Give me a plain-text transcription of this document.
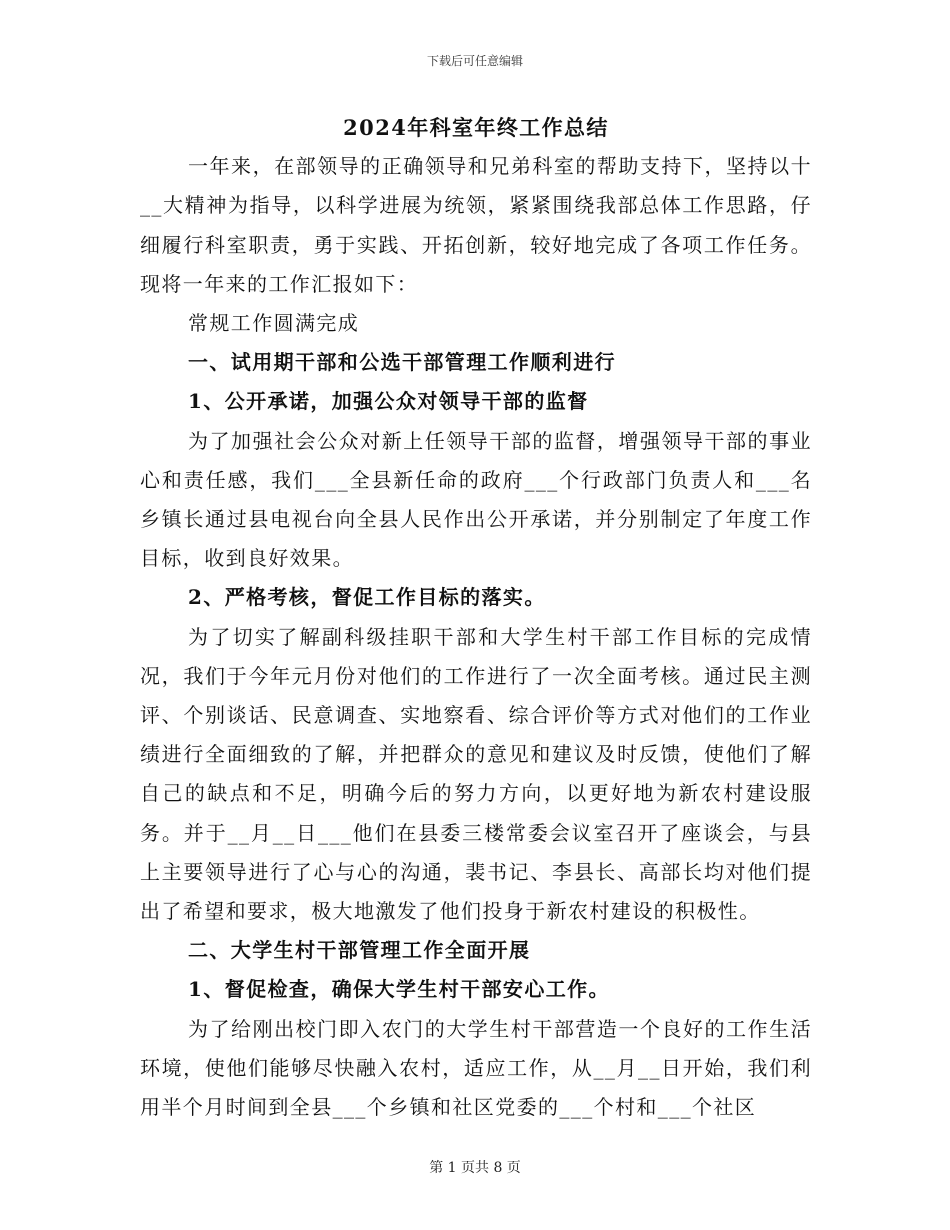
下载后可任意编辑
2024年科室年终工作总结

一年来，在部领导的正确领导和兄弟科室的帮助支持下，坚持以十__大精神为指导，以科学进展为统领，紧紧围绕我部总体工作思路，仔细履行科室职责，勇于实践、开拓创新，较好地完成了各项工作任务。现将一年来的工作汇报如下：

常规工作圆满完成

一、试用期干部和公选干部管理工作顺利进行

1、公开承诺，加强公众对领导干部的监督

为了加强社会公众对新上任领导干部的监督，增强领导干部的事业心和责任感，我们___全县新任命的政府___个行政部门负责人和___名乡镇长通过县电视台向全县人民作出公开承诺，并分别制定了年度工作目标，收到良好效果。

2、严格考核，督促工作目标的落实。

为了切实了解副科级挂职干部和大学生村干部工作目标的完成情况，我们于今年元月份对他们的工作进行了一次全面考核。通过民主测评、个别谈话、民意调查、实地察看、综合评价等方式对他们的工作业绩进行全面细致的了解，并把群众的意见和建议及时反馈，使他们了解自己的缺点和不足，明确今后的努力方向，以更好地为新农村建设服务。并于__月__日___他们在县委三楼常委会议室召开了座谈会，与县上主要领导进行了心与心的沟通，裴书记、李县长、高部长均对他们提出了希望和要求，极大地激发了他们投身于新农村建设的积极性。

二、大学生村干部管理工作全面开展

1、督促检查，确保大学生村干部安心工作。

为了给刚出校门即入农门的大学生村干部营造一个良好的工作生活环境，使他们能够尽快融入农村，适应工作，从__月__日开始，我们利用半个月时间到全县___个乡镇和社区党委的___个村和___个社区

第 1 页共 8 页
